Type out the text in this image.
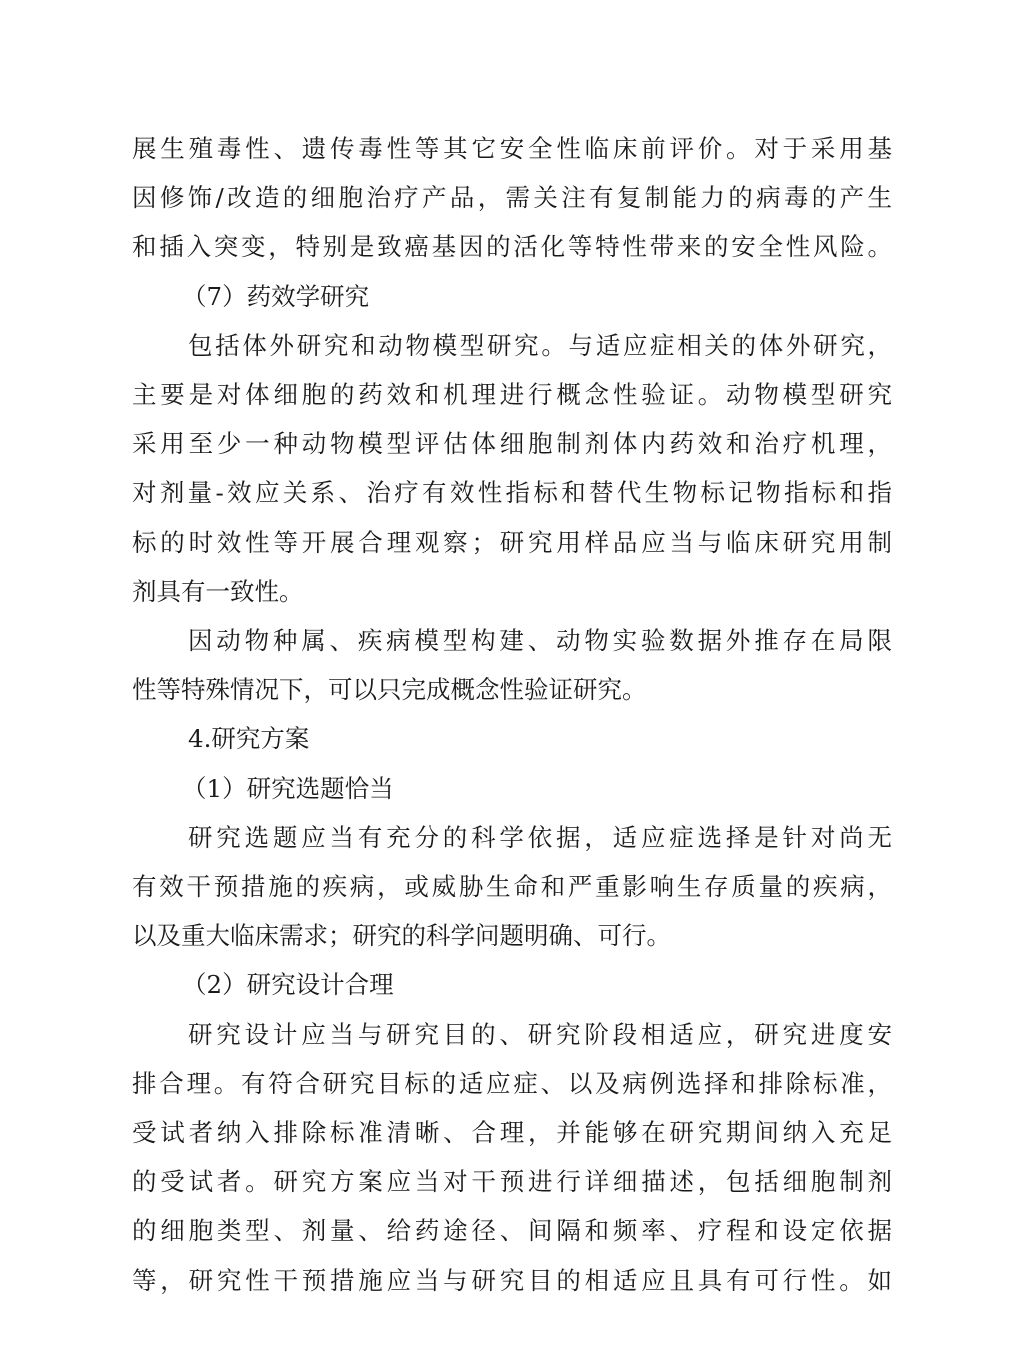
展生殖毒性、遗传毒性等其它安全性临床前评价。对于采用基
因修饰/改造的细胞治疗产品，需关注有复制能力的病毒的产生
和插入突变，特别是致癌基因的活化等特性带来的安全性风险。
（7）药效学研究
包括体外研究和动物模型研究。与适应症相关的体外研究，
主要是对体细胞的药效和机理进行概念性验证。动物模型研究
采用至少一种动物模型评估体细胞制剂体内药效和治疗机理，
对剂量-效应关系、治疗有效性指标和替代生物标记物指标和指
标的时效性等开展合理观察；研究用样品应当与临床研究用制
剂具有一致性。
因动物种属、疾病模型构建、动物实验数据外推存在局限
性等特殊情况下，可以只完成概念性验证研究。
4.研究方案
（1）研究选题恰当
研究选题应当有充分的科学依据，适应症选择是针对尚无
有效干预措施的疾病，或威胁生命和严重影响生存质量的疾病，
以及重大临床需求；研究的科学问题明确、可行。
（2）研究设计合理
研究设计应当与研究目的、研究阶段相适应，研究进度安
排合理。有符合研究目标的适应症、以及病例选择和排除标准，
受试者纳入排除标准清晰、合理，并能够在研究期间纳入充足
的受试者。研究方案应当对干预进行详细描述，包括细胞制剂
的细胞类型、剂量、给药途径、间隔和频率、疗程和设定依据
等，研究性干预措施应当与研究目的相适应且具有可行性。如
